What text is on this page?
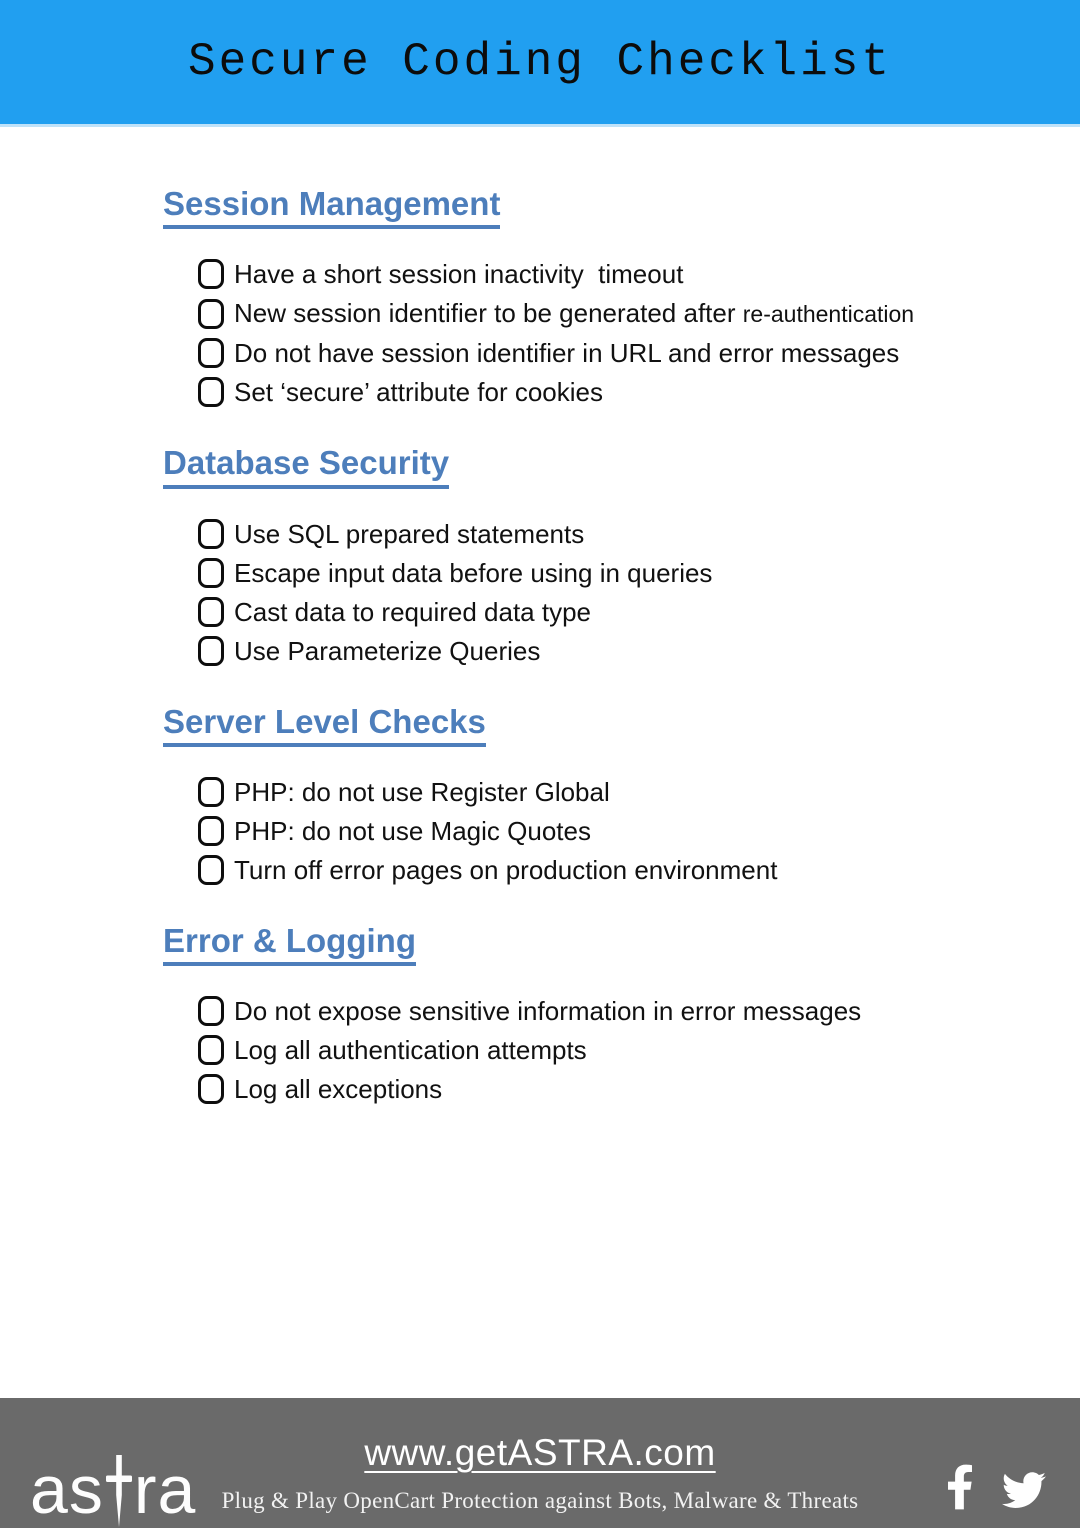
Secure Coding Checklist
Session Management
Have a short session inactivity  timeout
New session identifier to be generated after re-authentication
Do not have session identifier in URL and error messages
Set ‘secure’ attribute for cookies
Database Security
Use SQL prepared statements
Escape input data before using in queries
Cast data to required data type
Use Parameterize Queries
Server Level Checks
PHP: do not use Register Global
PHP: do not use Magic Quotes
Turn off error pages on production environment
Error & Logging
Do not expose sensitive information in error messages
Log all authentication attempts
Log all exceptions
as ra	www.getASTRA.com
Plug & Play OpenCart Protection against Bots, Malware & Threats
